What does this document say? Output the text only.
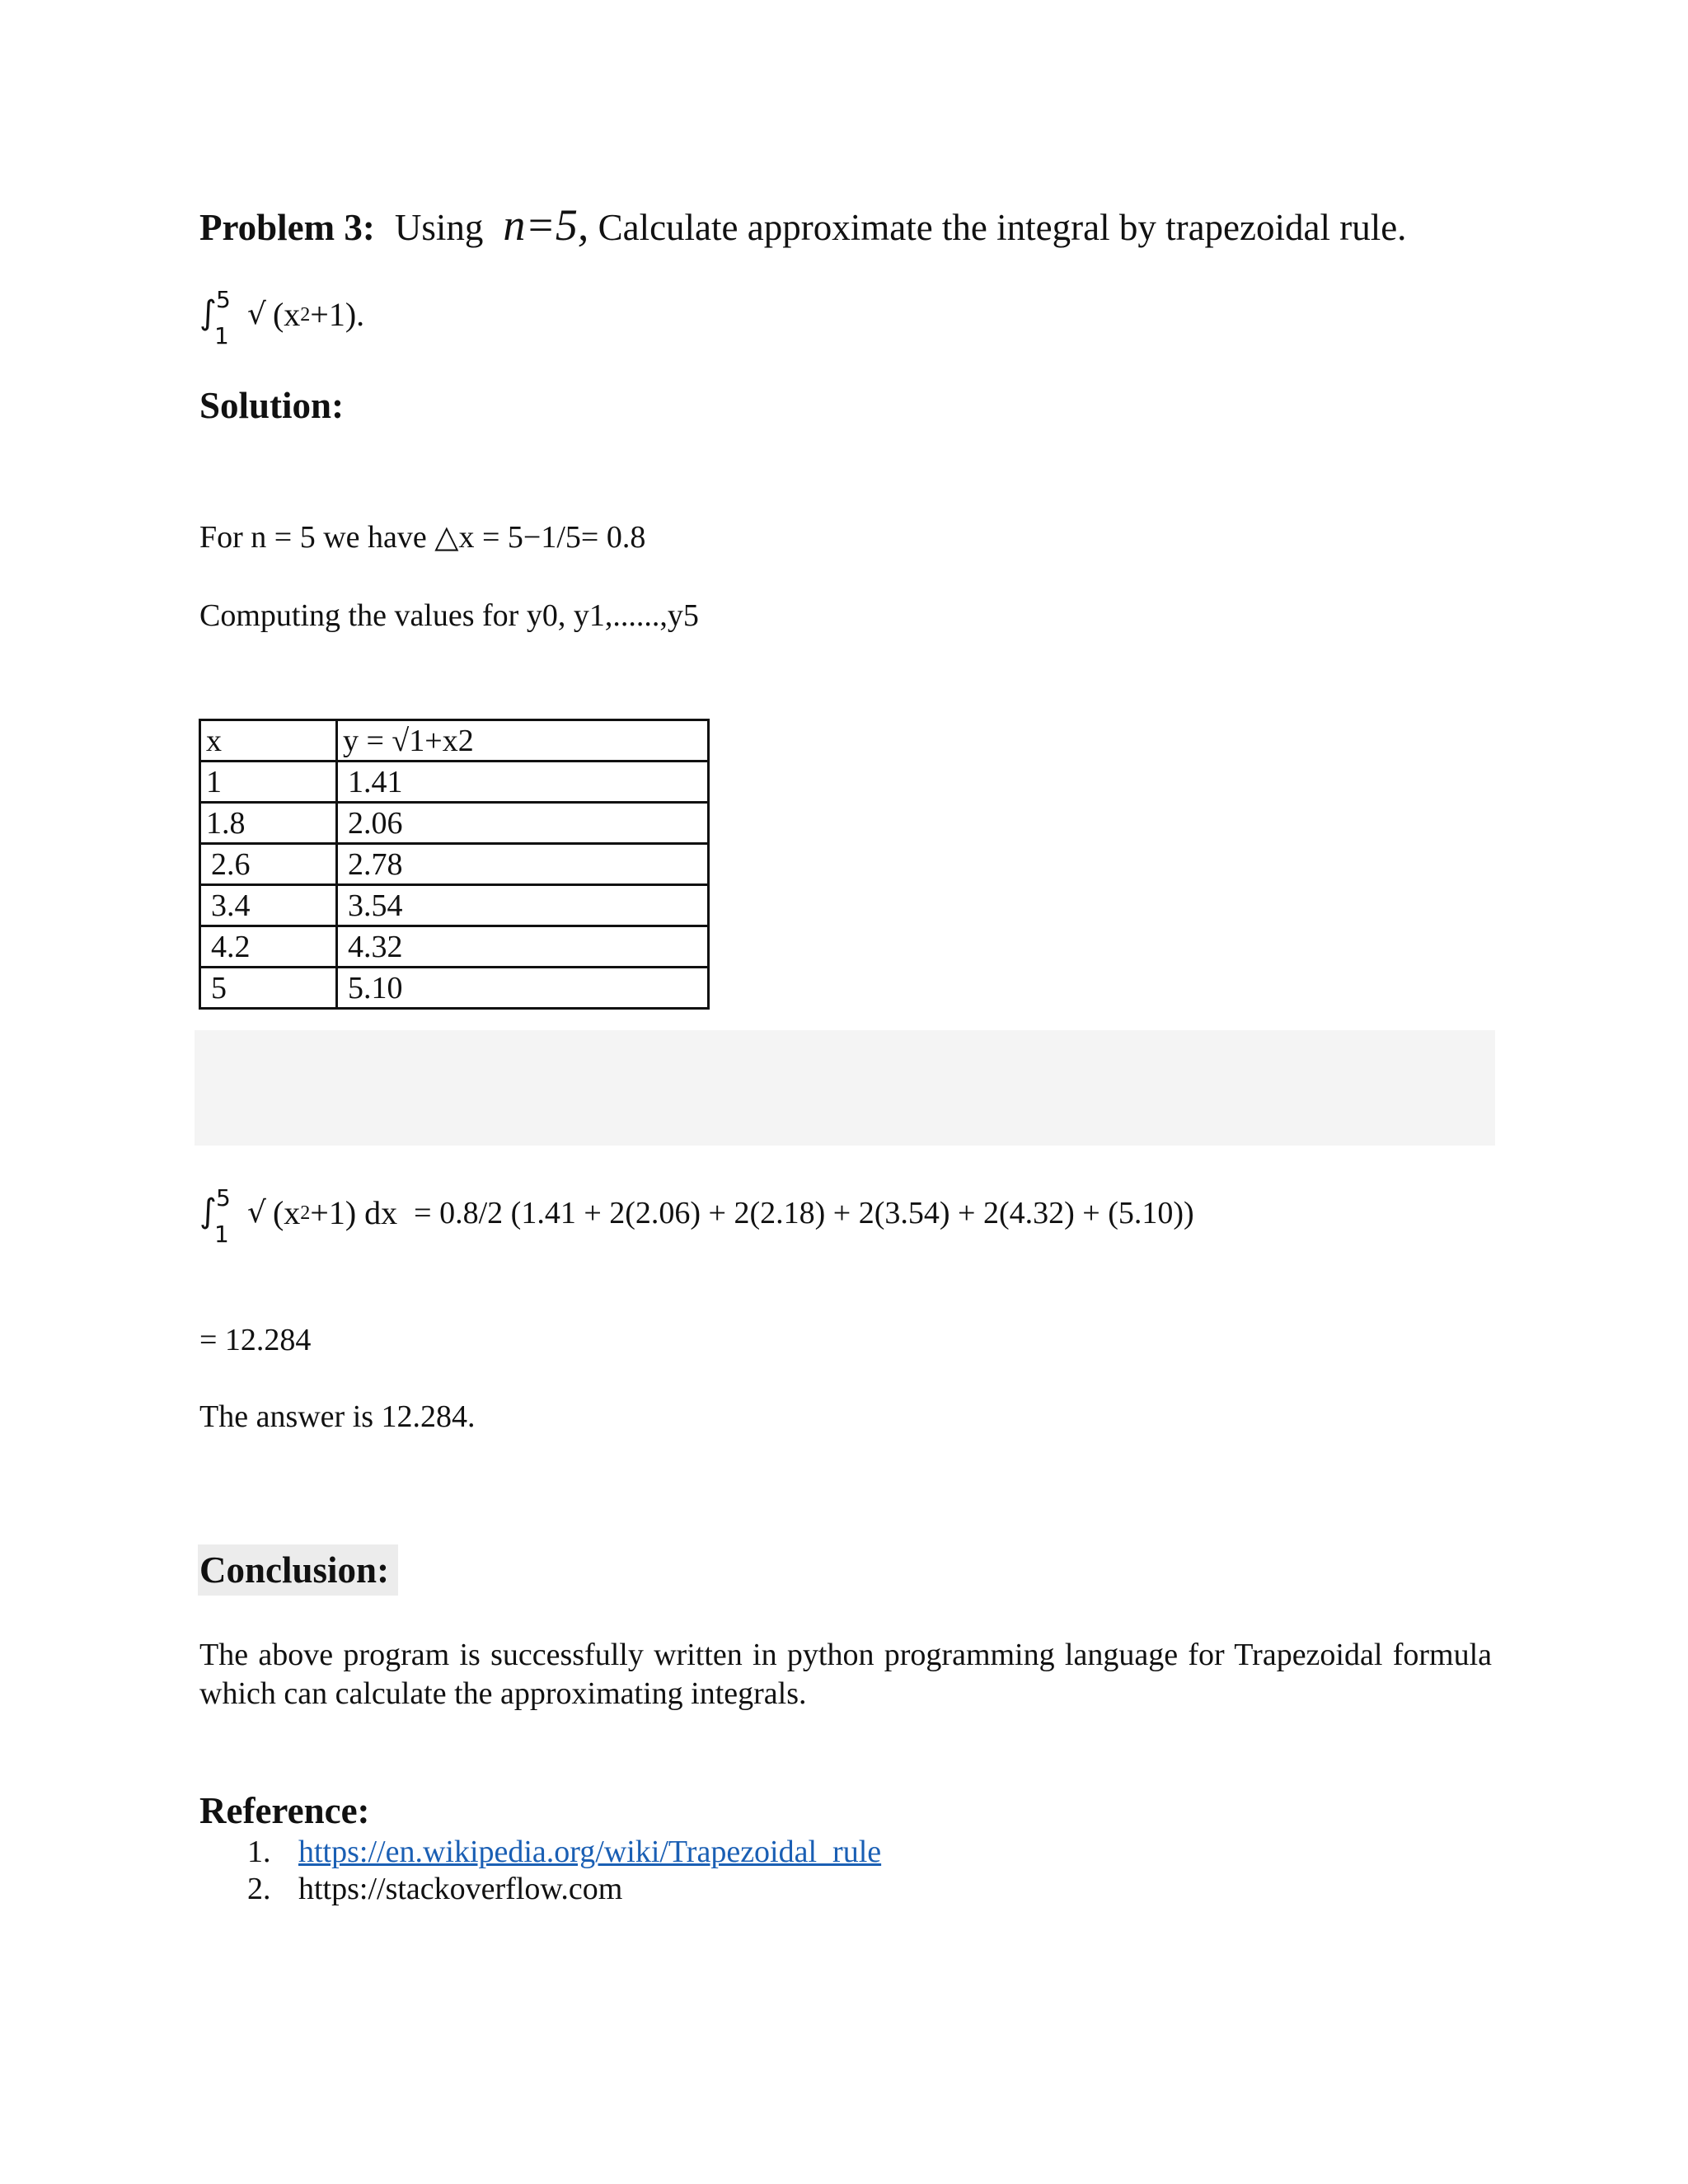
Problem 3: Using n=5, Calculate approximate the integral by trapezoidal rule.
∫ 5
1
√ (x 2 +1).
Solution:
For n = 5 we have △x = 5−1/5= 0.8
Computing the values for y0, y1,......,y5
x	y = √1+x2
1	1.41
1.8	2.06
2.6	2.78
3.4	3.54
4.2	4.32
5	5.10
∫ 5
1
√ (x 2 +1) dx = 0.8/2 (1.41 + 2(2.06) + 2(2.18) + 2(3.54) + 2(4.32) + (5.10))
= 12.284
The answer is 12.284.
Conclusion:
The above program is successfully written in python programming language for Trapezoidal formula which can calculate the approximating integrals.
Reference:
1. https://en.wikipedia.org/wiki/Trapezoidal_rule
2. https://stackoverflow.com
